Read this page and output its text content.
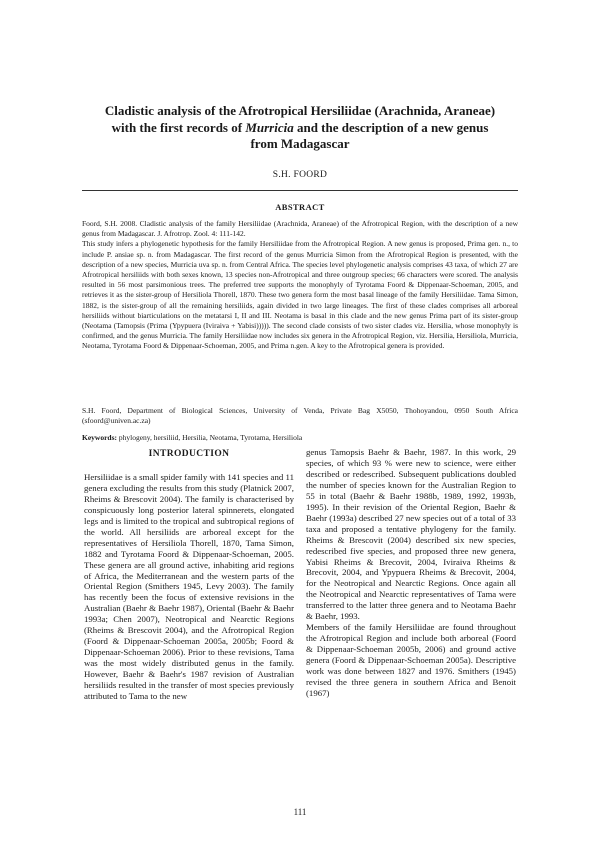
Cladistic analysis of the Afrotropical Hersiliidae (Arachnida, Araneae)
with the first records of Murricia and the description of a new genus
from Madagascar
S.H. FOORD
ABSTRACT

Foord, S.H. 2008. Cladistic analysis of the family Hersiliidae (Arachnida, Araneae) of the Afrotropical Region, with the description of a new genus from Madagascar. J. Afrotrop. Zool. 4: 111-142.

This study infers a phylogenetic hypothesis for the family Hersiliidae from the Afrotropical Region. A new genus is proposed, Prima gen. n., to include P. ansiae sp. n. from Madagascar. The first record of the genus Murricia Simon from the Afrotropical Region is presented, with the description of a new species, Murricia uva sp. n. from Central Africa. The species level phylogenetic analysis comprises 43 taxa, of which 27 are Afrotropical hersiliids with both sexes known, 13 species non-Afrotropical and three outgroup species; 66 characters were scored. The analysis resulted in 56 most parsimonious trees. The preferred tree supports the monophyly of Tyrotama Foord & Dippenaar-Schoeman, 2005, and retrieves it as the sister-group of Hersiliola Thorell, 1870. These two genera form the most basal lineage of the family Hersiliidae. Tama Simon, 1882, is the sister-group of all the remaining hersiliids, again divided in two large lineages. The first of these clades comprises all arboreal hersiliids without biarticulations on the metatarsi I, II and III. Neotama is basal in this clade and the new genus Prima part of its sister-group (Neotama (Tamopsis (Prima (Ypypuera (Iviraiva + Yabisi))))). The second clade consists of two sister clades viz. Hersilia, whose monophyly is confirmed, and the genus Murricia. The family Hersiliidae now includes six genera in the Afrotropical Region, viz. Hersilia, Hersiliola, Murricia, Neotama, Tyrotama Foord & Dippenaar-Schoeman, 2005, and Prima n.gen. A key to the Afrotropical genera is provided.

S.H. Foord, Department of Biological Sciences, University of Venda, Private Bag X5050, Thohoyandou, 0950 South Africa (sfoord@univen.ac.za)
Keywords: phylogeny, hersiliid, Hersilia, Neotama, Tyrotama, Hersiliola

INTRODUCTION

Hersiliidae is a small spider family with 141 species and 11 genera excluding the results from this study (Platnick 2007, Rheims & Brescovit 2004). The family is characterised by conspicuously long posterior lateral spinnerets, elongated legs and is limited to the tropical and subtropical regions of the world. All hersiliids are arboreal except for the representatives of Hersiliola Thorell, 1870, Tama Simon, 1882 and Tyrotama Foord & Dippenaar-Schoeman, 2005. These genera are all ground active, inhabiting arid regions of Africa, the Mediterranean and the western parts of the Oriental Region (Smithers 1945, Levy 2003). The family has recently been the focus of extensive revisions in the Australian (Baehr & Baehr 1987), Oriental (Baehr & Baehr 1993a; Chen 2007), Neotropical and Nearctic Regions (Rheims & Brescovit 2004), and the Afrotropical Region (Foord & Dippenaar-Schoeman 2005a, 2005b; Foord & Dippenaar-Schoeman 2006). Prior to these revisions, Tama was the most widely distributed genus in the family. However, Baehr & Baehr's 1987 revision of Australian hersiliids resulted in the transfer of most species previously attributed to Tama to the new

genus Tamopsis Baehr & Baehr, 1987. In this work, 29 species, of which 93 % were new to science, were either described or redescribed. Subsequent publications doubled the number of species known for the Australian Region to 55 in total (Baehr & Baehr 1988b, 1989, 1992, 1993b, 1995). In their revision of the Oriental Region, Baehr & Baehr (1993a) described 27 new species out of a total of 33 taxa and proposed a tentative phylogeny for the family. Rheims & Brescovit (2004) described six new species, redescribed five species, and proposed three new genera, Yabisi Rheims & Brecovit, 2004, Iviraiva Rheims & Brecovit, 2004, and Ypypuera Rheims & Brecovit, 2004, for the Neotropical and Nearctic Regions. Once again all the Neotropical and Nearctic representatives of Tama were transferred to the latter three genera and to Neotama Baehr & Baehr, 1993.

Members of the family Hersiliidae are found throughout the Afrotropical Region and include both arboreal (Foord & Dippenaar-Schoeman 2005b, 2006) and ground active genera (Foord & Dippenaar-Schoeman 2005a). Descriptive work was done between 1827 and 1976. Smithers (1945) revised the three genera in southern Africa and Benoit (1967)

111
